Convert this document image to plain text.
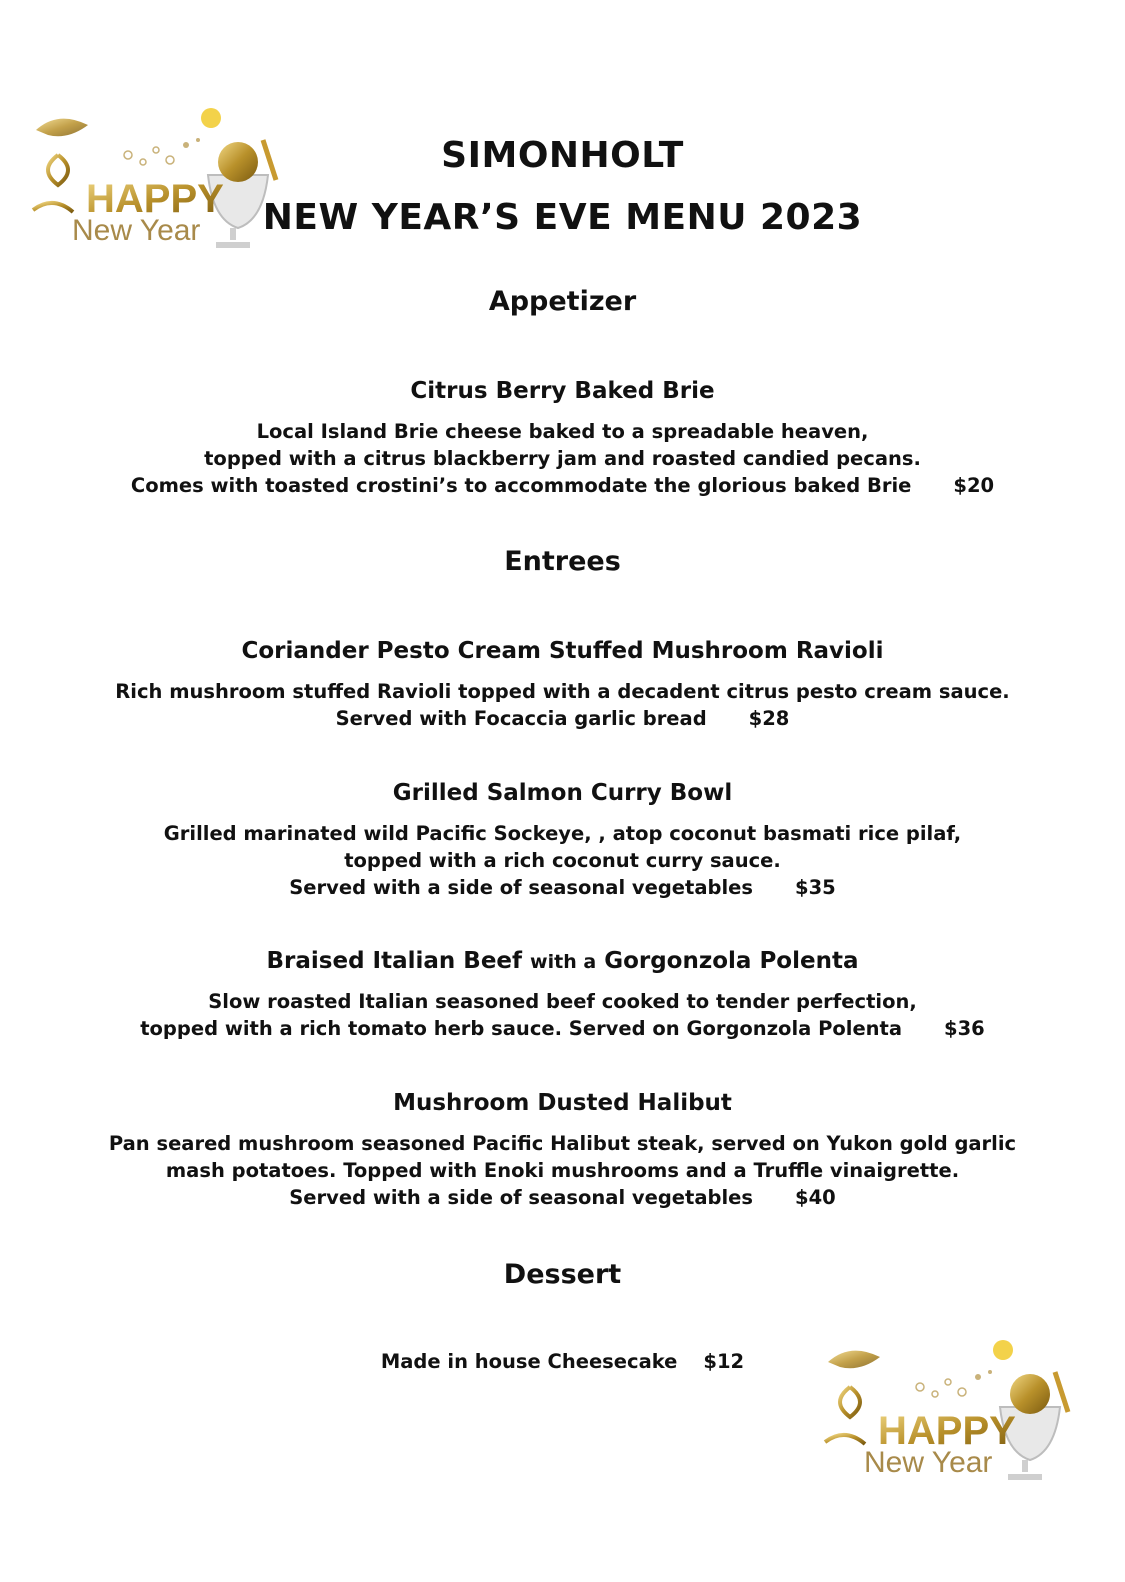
HAPPY
New Year
SIMONHOLT
NEW YEAR’S EVE MENU 2023
Appetizer
Citrus Berry Baked Brie
Local Island Brie cheese baked to a spreadable heaven,
topped with a citrus blackberry jam and roasted candied pecans.
Comes with toasted crostini’s to accommodate the glorious baked Brie $20
Entrees
Coriander Pesto Cream Stuffed Mushroom Ravioli
Rich mushroom stuffed Ravioli topped with a decadent citrus pesto cream sauce.
Served with Focaccia garlic bread $28
Grilled Salmon Curry Bowl
Grilled marinated wild Pacific Sockeye, , atop coconut basmati rice pilaf,
topped with a rich coconut curry sauce.
Served with a side of seasonal vegetables $35
Braised Italian Beef with a Gorgonzola Polenta
Slow roasted Italian seasoned beef cooked to tender perfection,
topped with a rich tomato herb sauce. Served on Gorgonzola Polenta $36
Mushroom Dusted Halibut
Pan seared mushroom seasoned Pacific Halibut steak, served on Yukon gold garlic
mash potatoes. Topped with Enoki mushrooms and a Truffle vinaigrette.
Served with a side of seasonal vegetables $40
Dessert
Made in house Cheesecake $12
HAPPY
New Year
